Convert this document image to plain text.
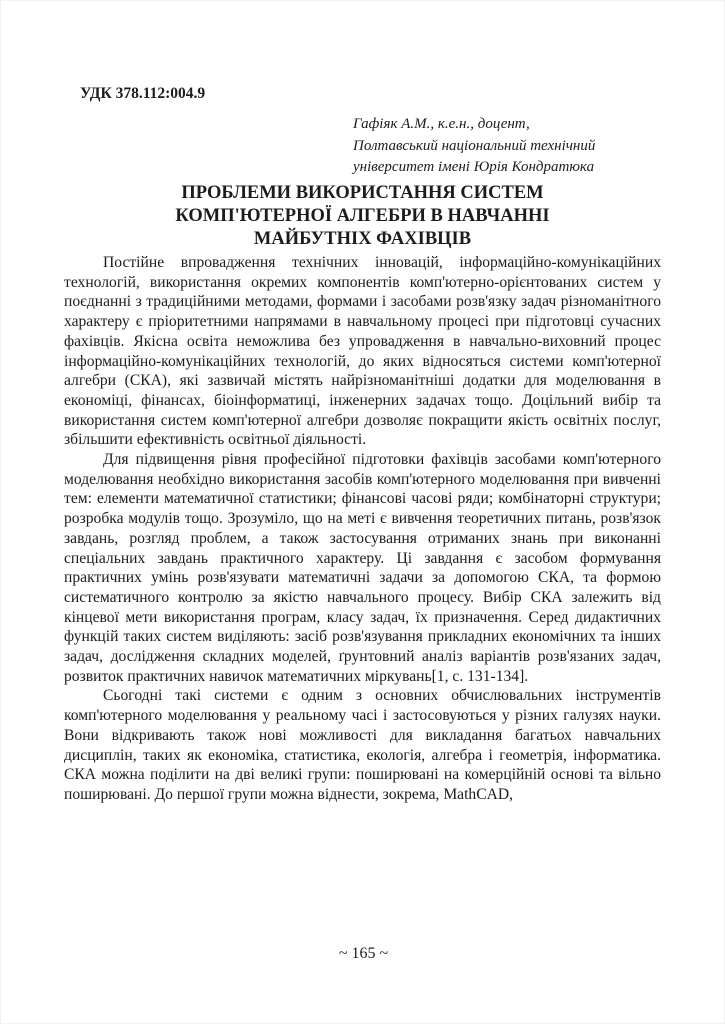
УДК 378.112:004.9
Гафіяк А.М., к.е.н., доцент,
Полтавський національний технічний
університет імені Юрія Кондратюка
ПРОБЛЕМИ ВИКОРИСТАННЯ СИСТЕМ
КОМП'ЮТЕРНОЇ АЛГЕБРИ В НАВЧАННІ
МАЙБУТНІХ ФАХІВЦІВ

Постійне впровадження технічних інновацій, інформаційно-комунікаційних технологій, використання окремих компонентів комп'ютерно-орієнтованих систем у поєднанні з традиційними методами, формами і засобами розв'язку задач різноманітного характеру є пріоритетними напрямами в навчальному процесі при підготовці сучасних фахівців. Якісна освіта неможлива без упровадження в навчально-виховний процес інформаційно-комунікаційних технологій, до яких відносяться системи комп'ютерної алгебри (СКА), які зазвичай містять найрізноманітніші додатки для моделювання в економіці, фінансах, біоінформатиці, інженерних задачах тощо. Доцільний вибір та використання систем комп'ютерної алгебри дозволяє покращити якість освітніх послуг, збільшити ефективність освітньої діяльності.

Для підвищення рівня професійної підготовки фахівців засобами комп'ютерного моделювання необхідно використання засобів комп'ютерного моделювання при вивченні тем: елементи математичної статистики; фінансові часові ряди; комбінаторні структури; розробка модулів тощо. Зрозуміло, що на меті є вивчення теоретичних питань, розв'язок завдань, розгляд проблем, а також застосування отриманих знань при виконанні спеціальних завдань практичного характеру. Ці завдання є засобом формування практичних умінь розв'язувати математичні задачи за допомогою СКА, та формою систематичного контролю за якістю навчального процесу. Вибір СКА залежить від кінцевої мети використання програм, класу задач, їх призначення. Серед дидактичних функцій таких систем виділяють: засіб розв'язування прикладних економічних та інших задач, дослідження складних моделей, ґрунтовний аналіз варіантів розв'язаних задач, розвиток практичних навичок математичних міркувань[1, с. 131-134].

Сьогодні такі системи є одним з основних обчислювальних інструментів комп'ютерного моделювання у реальному часі і застосовуються у різних галузях науки. Вони відкривають також нові можливості для викладання багатьох навчальних дисциплін, таких як економіка, статистика, екологія, алгебра і геометрія, інформатика. СКА можна поділити на дві великі групи: поширювані на комерційній основі та вільно поширювані. До першої групи можна віднести, зокрема, MathCAD,

~ 165 ~
